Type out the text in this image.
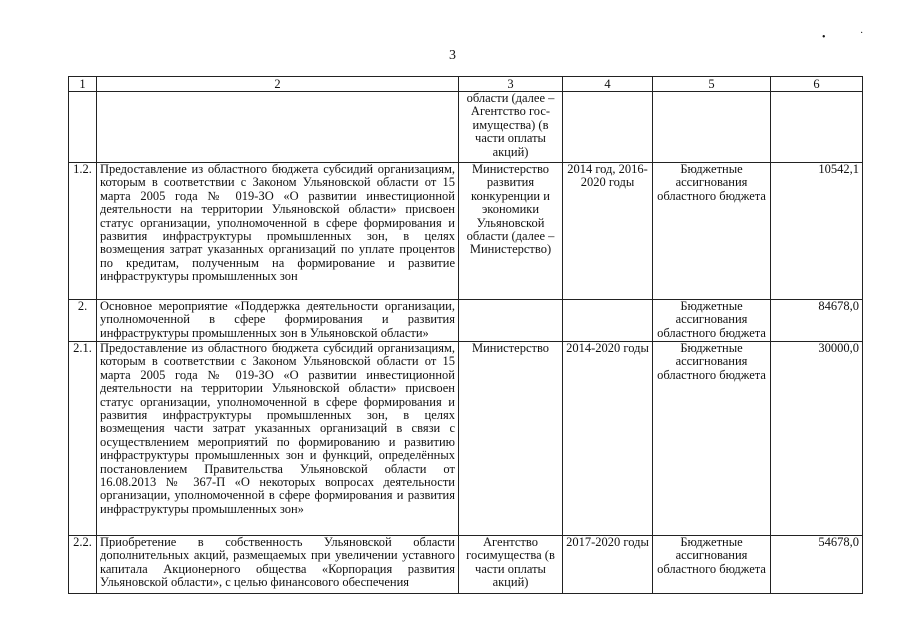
3
•	·
1	2	3	4	5	6
		области (далее – Агентство гос-имущества) (в части оплаты акций)			
1.2.	Предоставление из областного бюджета субсидий организациям, которым в соответствии с Законом Ульяновской области от 15 марта 2005 года № 019-ЗО «О развитии инвестиционной деятельности на территории Ульяновской области» присвоен статус организации, уполномоченной в сфере формирования и развития инфраструктуры промышленных зон, в целях возмещения затрат указанных организаций по уплате процентов по кредитам, полученным на формирование и развитие инфраструктуры промышленных зон	Министерство развития конкуренции и экономики Ульяновской области (далее – Министерство)	2014 год, 2016-2020 годы	Бюджетные ассигнования областного бюджета	10542,1
2.	Основное мероприятие «Поддержка деятельности организации, уполномоченной в сфере формирования и развития инфраструктуры промышленных зон в Ульяновской области»			Бюджетные ассигнования областного бюджета	84678,0
2.1.	Предоставление из областного бюджета субсидий организациям, которым в соответствии с Законом Ульяновской области от 15 марта 2005 года № 019-ЗО «О развитии инвестиционной деятельности на территории Ульяновской области» присвоен статус организации, уполномоченной в сфере формирования и развития инфраструктуры промышленных зон, в целях возмещения части затрат указанных организаций в связи с осуществлением мероприятий по формированию и развитию инфраструктуры промышленных зон и функций, определённых постановлением Правительства Ульяновской области от 16.08.2013 № 367-П «О некоторых вопросах деятельности организации, уполномоченной в сфере формирования и развития инфраструктуры промышленных зон»	Министерство	2014-2020 годы	Бюджетные ассигнования областного бюджета	30000,0
2.2.	Приобретение в собственность Ульяновской области дополнительных акций, размещаемых при увеличении уставного капитала Акционерного общества «Корпорация развития Ульяновской области», с целью финансового обеспечения	Агентство госимущества (в части оплаты акций)	2017-2020 годы	Бюджетные ассигнования областного бюджета	54678,0
